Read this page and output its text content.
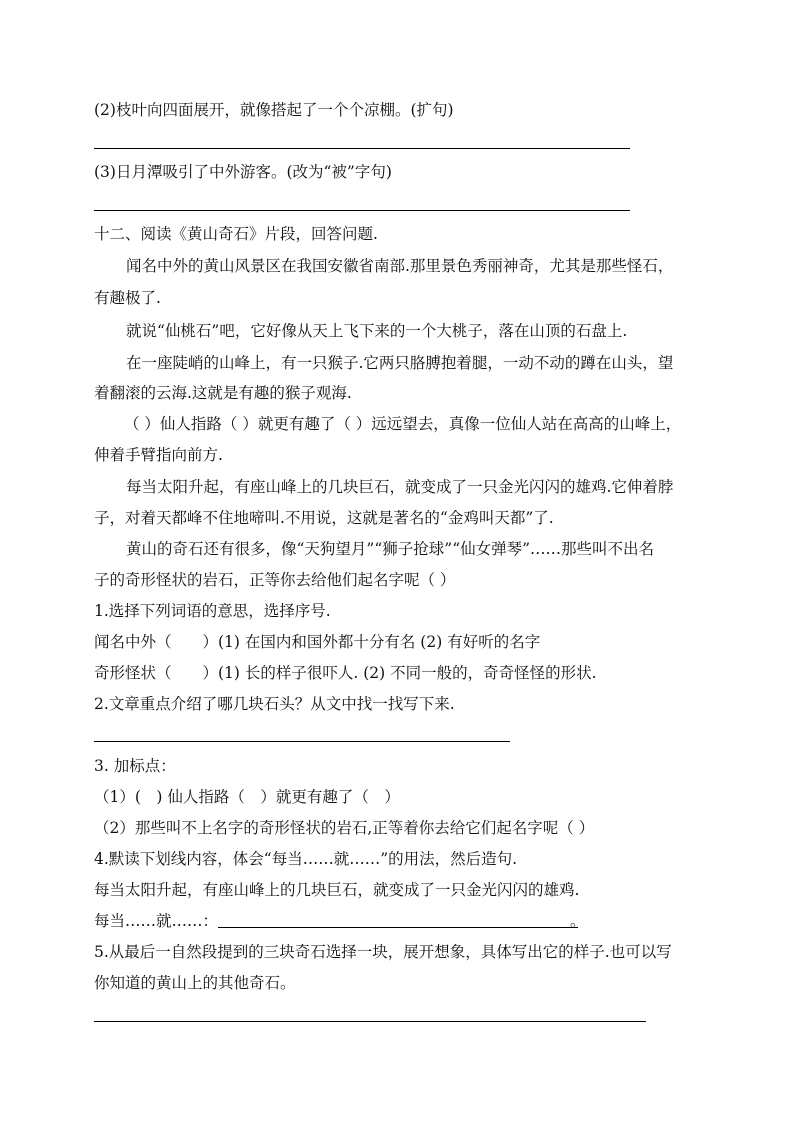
(2)枝叶向四面展开，就像搭起了一个个凉棚。(扩句)
(3)日月潭吸引了中外游客。(改为“被”字句)
十二、阅读《黄山奇石》片段，回答问题.
闻名中外的黄山风景区在我国安徽省南部.那里景色秀丽神奇，尤其是那些怪石，
有趣极了.
就说“仙桃石”吧，它好像从天上飞下来的一个大桃子，落在山顶的石盘上.
在一座陡峭的山峰上，有一只猴子.它两只胳膊抱着腿，一动不动的蹲在山头，望
着翻滚的云海.这就是有趣的猴子观海.
（ ）仙人指路（ ）就更有趣了（ ）远远望去，真像一位仙人站在高高的山峰上，
伸着手臂指向前方.
每当太阳升起，有座山峰上的几块巨石，就变成了一只金光闪闪的雄鸡.它伸着脖
子，对着天都峰不住地啼叫.不用说，这就是著名的“金鸡叫天都”了.
黄山的奇石还有很多，像“天狗望月”“狮子抢球”“仙女弹琴”……那些叫不出名
子的奇形怪状的岩石，正等你去给他们起名字呢（ ）
1.选择下列词语的意思，选择序号.
闻名中外（　　）(1) 在国内和国外都十分有名 (2) 有好听的名字
奇形怪状（　　）(1) 长的样子很吓人. (2) 不同一般的，奇奇怪怪的形状.
2.文章重点介绍了哪几块石头？从文中找一找写下来.
3. 加标点：
（1）(　) 仙人指路（　）就更有趣了（　）
（2）那些叫不上名字的奇形怪状的岩石,正等着你去给它们起名字呢（ ）
4.默读下划线内容，体会“每当……就……”的用法，然后造句.
每当太阳升起，有座山峰上的几块巨石，就变成了一只金光闪闪的雄鸡.
每当……就……：	。
5.从最后一自然段提到的三块奇石选择一块，展开想象，具体写出它的样子.也可以写
你知道的黄山上的其他奇石。
